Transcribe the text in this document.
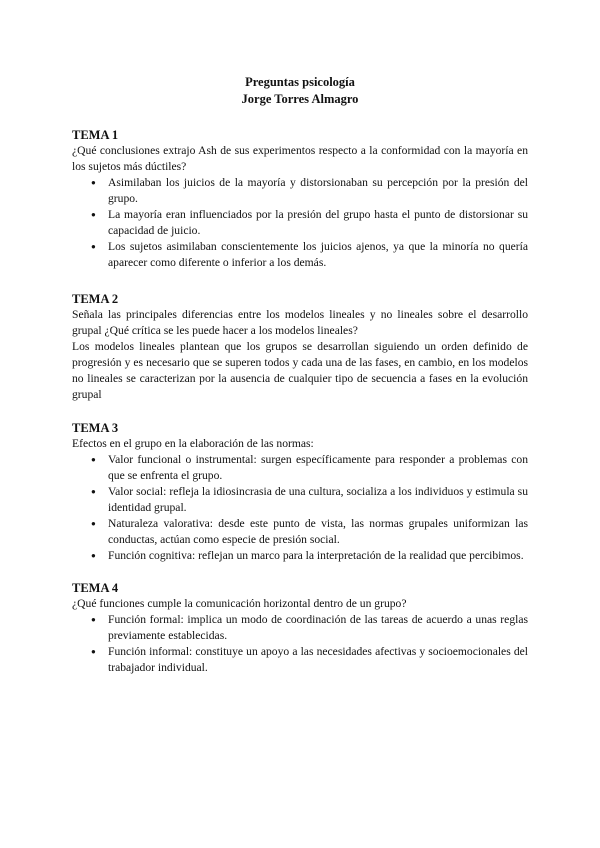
Preguntas psicología
Jorge Torres Almagro
TEMA 1

¿Qué conclusiones extrajo Ash de sus experimentos respecto a la conformidad con la mayoría en los sujetos más dúctiles?

● Asimilaban los juicios de la mayoría y distorsionaban su percepción por la presión del grupo.
● La mayoría eran influenciados por la presión del grupo hasta el punto de distorsionar su capacidad de juicio.
● Los sujetos asimilaban conscientemente los juicios ajenos, ya que la minoría no quería aparecer como diferente o inferior a los demás.
TEMA 2

Señala las principales diferencias entre los modelos lineales y no lineales sobre el desarrollo grupal ¿Qué crítica se les puede hacer a los modelos lineales?

Los modelos lineales plantean que los grupos se desarrollan siguiendo un orden definido de progresión y es necesario que se superen todos y cada una de las fases, en cambio, en los modelos no lineales se caracterizan por la ausencia de cualquier tipo de secuencia a fases en la evolución grupal

TEMA 3

Efectos en el grupo en la elaboración de las normas:

● Valor funcional o instrumental: surgen específicamente para responder a problemas con que se enfrenta el grupo.
● Valor social: refleja la idiosincrasia de una cultura, socializa a los individuos y estimula su identidad grupal.
● Naturaleza valorativa: desde este punto de vista, las normas grupales uniformizan las conductas, actúan como especie de presión social.
● Función cognitiva: reflejan un marco para la interpretación de la realidad que percibimos.
TEMA 4

¿Qué funciones cumple la comunicación horizontal dentro de un grupo?

● Función formal: implica un modo de coordinación de las tareas de acuerdo a unas reglas previamente establecidas.
● Función informal: constituye un apoyo a las necesidades afectivas y socioemocionales del trabajador individual.
